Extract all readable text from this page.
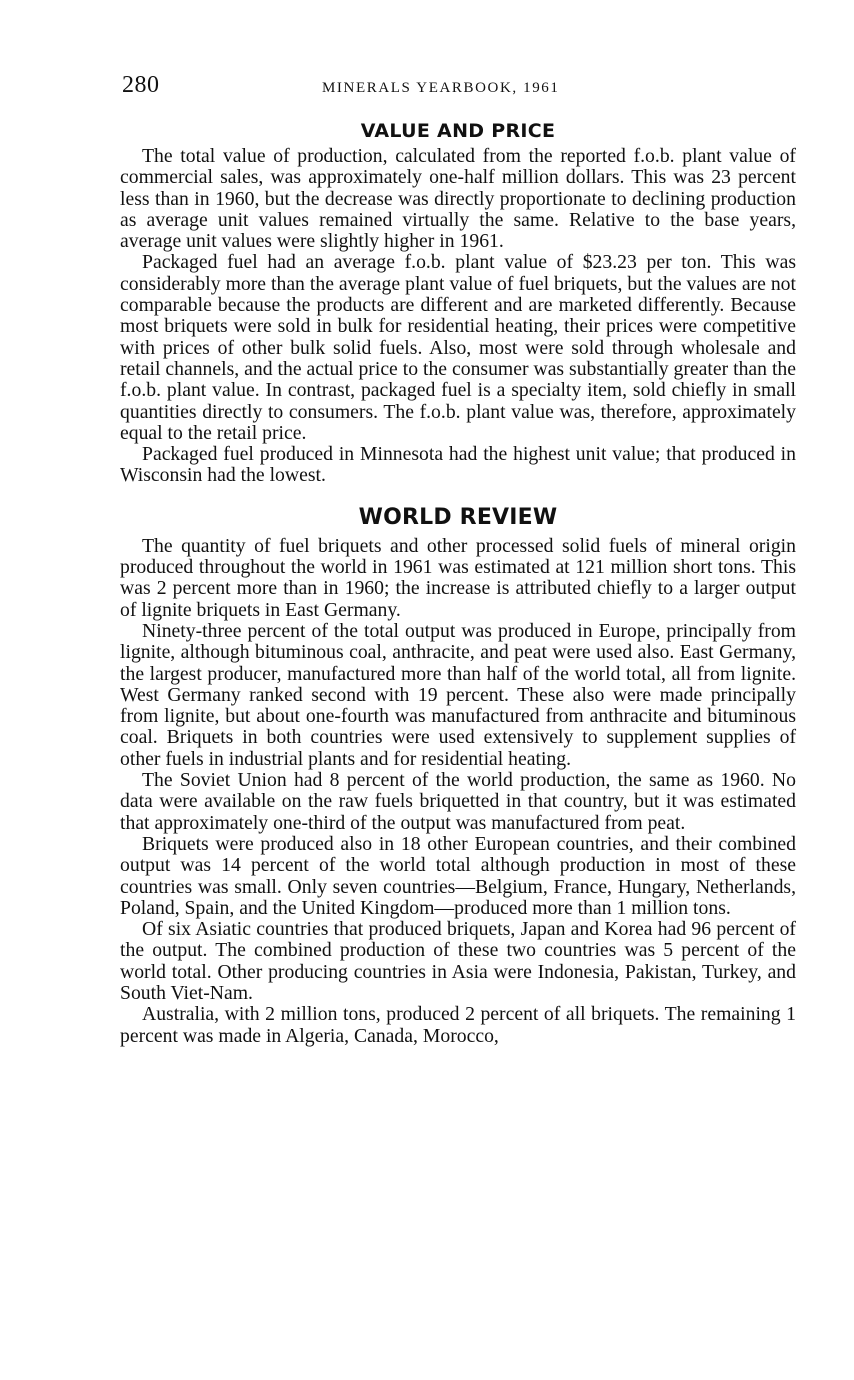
280	MINERALS YEARBOOK, 1961
VALUE AND PRICE

The total value of production, calculated from the reported f.o.b. plant value of commercial sales, was approximately one-half million dollars. This was 23 percent less than in 1960, but the decrease was directly proportionate to declining production as average unit values remained virtually the same. Relative to the base years, average unit values were slightly higher in 1961.

Packaged fuel had an average f.o.b. plant value of $23.23 per ton. This was considerably more than the average plant value of fuel briquets, but the values are not comparable because the products are different and are marketed differently. Because most briquets were sold in bulk for residential heating, their prices were competitive with prices of other bulk solid fuels. Also, most were sold through wholesale and retail channels, and the actual price to the consumer was substantially greater than the f.o.b. plant value. In contrast, packaged fuel is a specialty item, sold chiefly in small quantities directly to consumers. The f.o.b. plant value was, therefore, approximately equal to the retail price.

Packaged fuel produced in Minnesota had the highest unit value; that produced in Wisconsin had the lowest.

WORLD REVIEW

The quantity of fuel briquets and other processed solid fuels of mineral origin produced throughout the world in 1961 was estimated at 121 million short tons. This was 2 percent more than in 1960; the increase is attributed chiefly to a larger output of lignite briquets in East Germany.

Ninety-three percent of the total output was produced in Europe, principally from lignite, although bituminous coal, anthracite, and peat were used also. East Germany, the largest producer, manufactured more than half of the world total, all from lignite. West Germany ranked second with 19 percent. These also were made principally from lignite, but about one-fourth was manufactured from anthracite and bituminous coal. Briquets in both countries were used extensively to supplement supplies of other fuels in industrial plants and for residential heating.

The Soviet Union had 8 percent of the world production, the same as 1960. No data were available on the raw fuels briquetted in that country, but it was estimated that approximately one-third of the output was manufactured from peat.

Briquets were produced also in 18 other European countries, and their combined output was 14 percent of the world total although production in most of these countries was small. Only seven countries—Belgium, France, Hungary, Netherlands, Poland, Spain, and the United Kingdom—produced more than 1 million tons.

Of six Asiatic countries that produced briquets, Japan and Korea had 96 percent of the output. The combined production of these two countries was 5 percent of the world total. Other producing countries in Asia were Indonesia, Pakistan, Turkey, and South Viet-Nam.

Australia, with 2 million tons, produced 2 percent of all briquets. The remaining 1 percent was made in Algeria, Canada, Morocco,
